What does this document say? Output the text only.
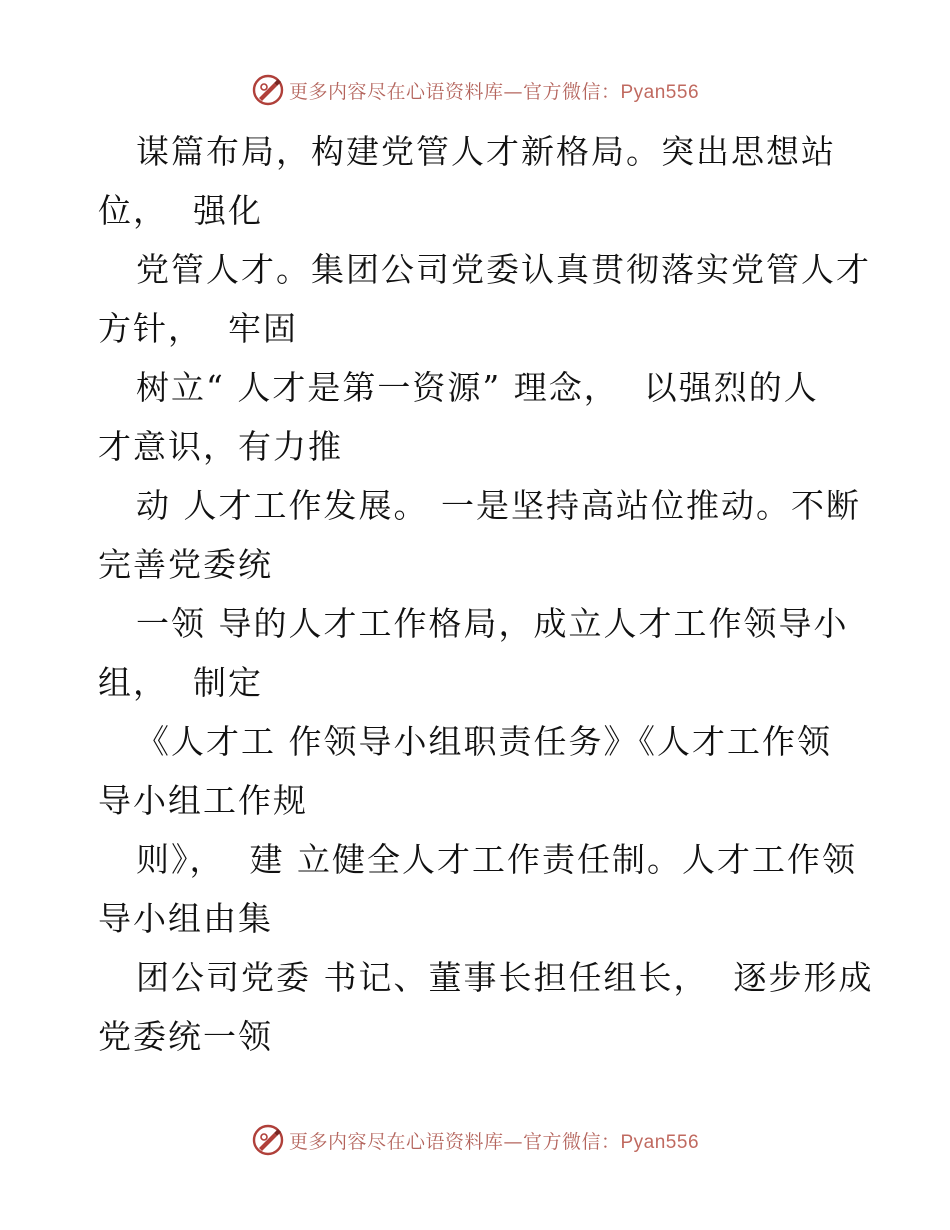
更多内容尽在心语资料库—官方微信：Pyan556
谋篇布局，构建党管人才新格局。突出思想站
位，  强化
党管人才。集团公司党委认真贯彻落实党管人才
方针，  牢固
树立“ 人才是第一资源” 理念，  以强烈的人
才意识，有力推
动 人才工作发展。 一是坚持高站位推动。不断
完善党委统
一领 导的人才工作格局，成立人才工作领导小
组，  制定
《人才工 作领导小组职责任务》《人才工作领
导小组工作规
则》，  建 立健全人才工作责任制。人才工作领
导小组由集
团公司党委 书记、董事长担任组长，  逐步形成
党委统一领
更多内容尽在心语资料库—官方微信：Pyan556
